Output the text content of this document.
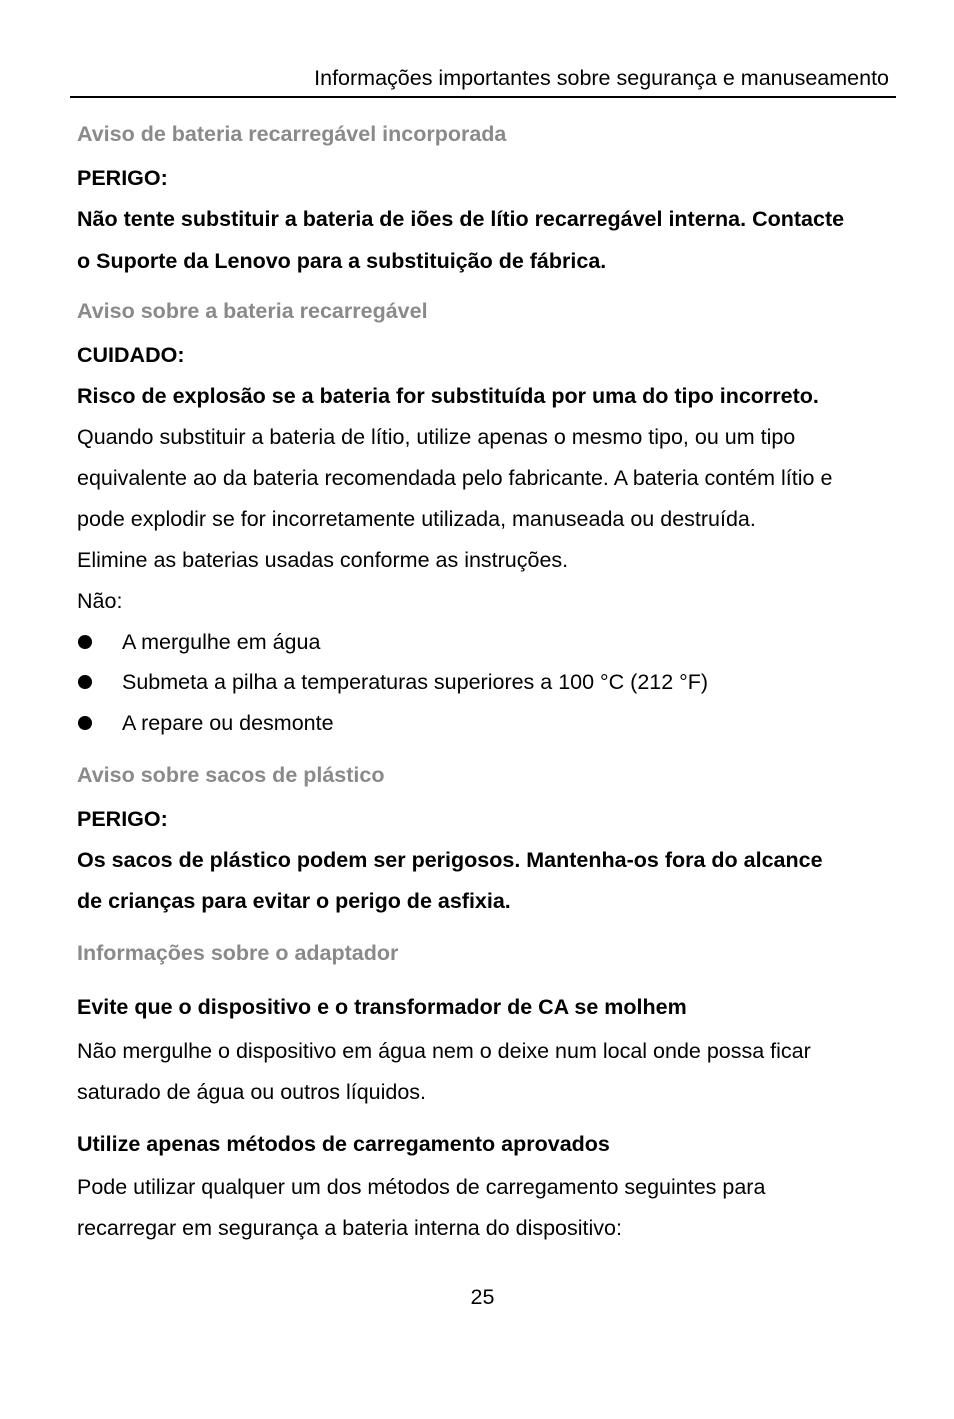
Informações importantes sobre segurança e manuseamento
Aviso de bateria recarregável incorporada
PERIGO:
Não tente substituir a bateria de iões de lítio recarregável interna. Contacte
o Suporte da Lenovo para a substituição de fábrica.
Aviso sobre a bateria recarregável
CUIDADO:
Risco de explosão se a bateria for substituída por uma do tipo incorreto.
Quando substituir a bateria de lítio, utilize apenas o mesmo tipo, ou um tipo
equivalente ao da bateria recomendada pelo fabricante. A bateria contém lítio e
pode explodir se for incorretamente utilizada, manuseada ou destruída.
Elimine as baterias usadas conforme as instruções.
Não:
A mergulhe em água
Submeta a pilha a temperaturas superiores a 100 °C (212 °F)
A repare ou desmonte
Aviso sobre sacos de plástico
PERIGO:
Os sacos de plástico podem ser perigosos. Mantenha-os fora do alcance
de crianças para evitar o perigo de asfixia.
Informações sobre o adaptador
Evite que o dispositivo e o transformador de CA se molhem
Não mergulhe o dispositivo em água nem o deixe num local onde possa ficar
saturado de água ou outros líquidos.
Utilize apenas métodos de carregamento aprovados
Pode utilizar qualquer um dos métodos de carregamento seguintes para
recarregar em segurança a bateria interna do dispositivo:
25
